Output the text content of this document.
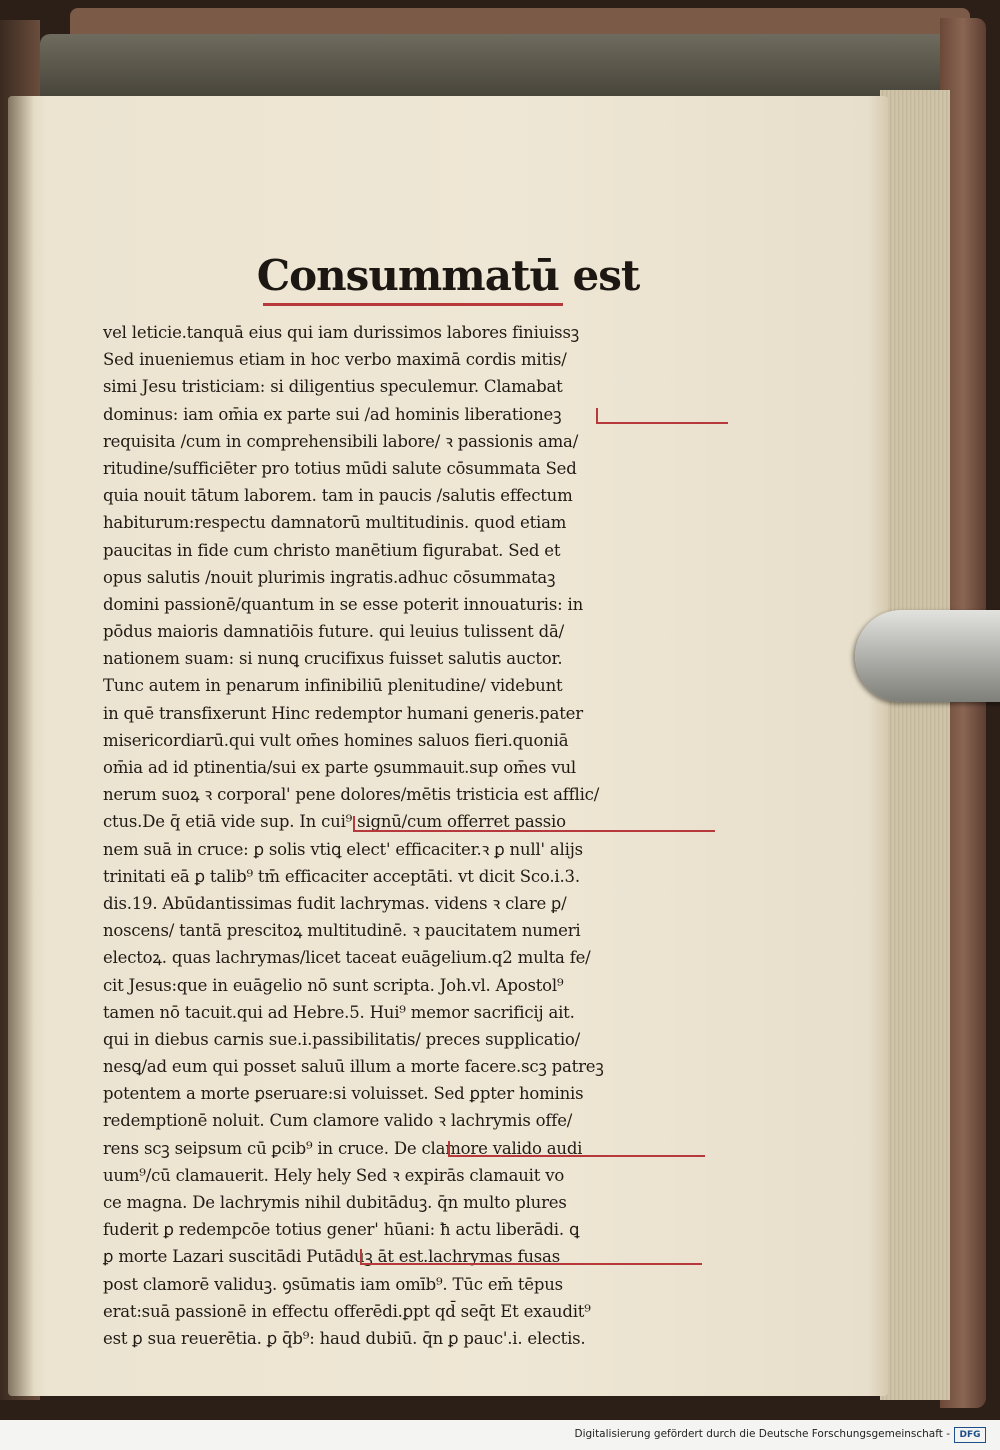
Consummatū est
vel leticie.tanquā eius qui iam durissimos labores finiuissꝫ
Sed inueniemus etiam in hoc verbo maximā cordis mitis/
simi Jesu tristiciam: si diligentius speculemur. Clamabat
dominus: iam om̄ia ex parte sui /ad hominis liberationeꝫ
requisita /cum in comprehensibili labore/ ꝛ passionis ama/
ritudine/sufficiēter pro totius mūdi salute cōsummata Sed
quia nouit tātum laborem. tam in paucis /salutis effectum
habiturum:respectu damnatorū multitudinis. quod etiam
paucitas in fide cum christo manētium figurabat. Sed et
opus salutis /nouit plurimis ingratis.adhuc cōsummataꝫ
domini passionē/quantum in se esse poterit innouaturis: in
pōdus maioris damnatiōis future. qui leuius tulissent dā/
nationem suam: si nunꝗ crucifixus fuisset salutis auctor.
Tunc autem in penarum infinibiliū plenitudine/ videbunt
in quē transfixerunt Hinc redemptor humani generis.pater
misericordiarū.qui vult om̄es homines saluos fieri.quoniā
om̄ia ad id ptinentia/sui ex parte ꝯsummauit.sup om̄es vul
nerum suoꝝ ꝛ corporal' pene dolores/mētis tristicia est afflic/
ctus.De q̄ etiā vide sup. In cui⁹ signū/cum offerret passio
nem suā in cruce: ꝑ solis vtiꝗ elect' efficaciter.ꝛ ꝑ null' alijs
trinitati eā ꝑ talib⁹ tm̄ efficaciter acceptāti. vt dicit Sco.i.3.
dis.19. Abūdantissimas fudit lachrymas. videns ꝛ clare ꝑ/
noscens/ tantā prescitoꝝ multitudinē. ꝛ paucitatem numeri
electoꝝ. quas lachrymas/licet taceat euāgelium.q2 multa fe/
cit Jesus:que in euāgelio nō sunt scripta. Joh.vl. Apostol⁹
tamen nō tacuit.qui ad Hebre.5. Hui⁹ memor sacrificij ait.
qui in diebus carnis sue.i.passibilitatis/ preces supplicatio/
nesꝗ/ad eum qui posset saluū illum a morte facere.scꝫ patreꝫ
potentem a morte ꝑseruare:si voluisset. Sed ꝑpter hominis
redemptionē noluit. Cum clamore valido ꝛ lachrymis offe/
rens scꝫ seipsum cū ꝑcib⁹ in cruce. De clamore valido audi
uum⁹/cū clamauerit. Hely hely Sed ꝛ expirās clamauit vo
ce magna. De lachrymis nihil dubitāduꝫ. q̄n multo plures
fuderit ꝑ redempcōe totius gener' hūani: ħ actu liberādi. ꝗ
ꝑ morte Lazari suscitādi Putāduꝫ āt est.lachrymas fusas
post clamorē validuꝫ. ꝯsūmatis iam omīb⁹. Tūc em̄ tēpus
erat:suā passionē in effectu offerēdi.ꝑpt qd̄ seq̄t Et exaudit⁹
est ꝑ sua reuerētia. ꝑ q̄b⁹: haud dubiū. q̄n ꝑ pauc'.i. electis.
Digitalisierung gefördert durch die Deutsche Forschungsgemeinschaft -	DFG
